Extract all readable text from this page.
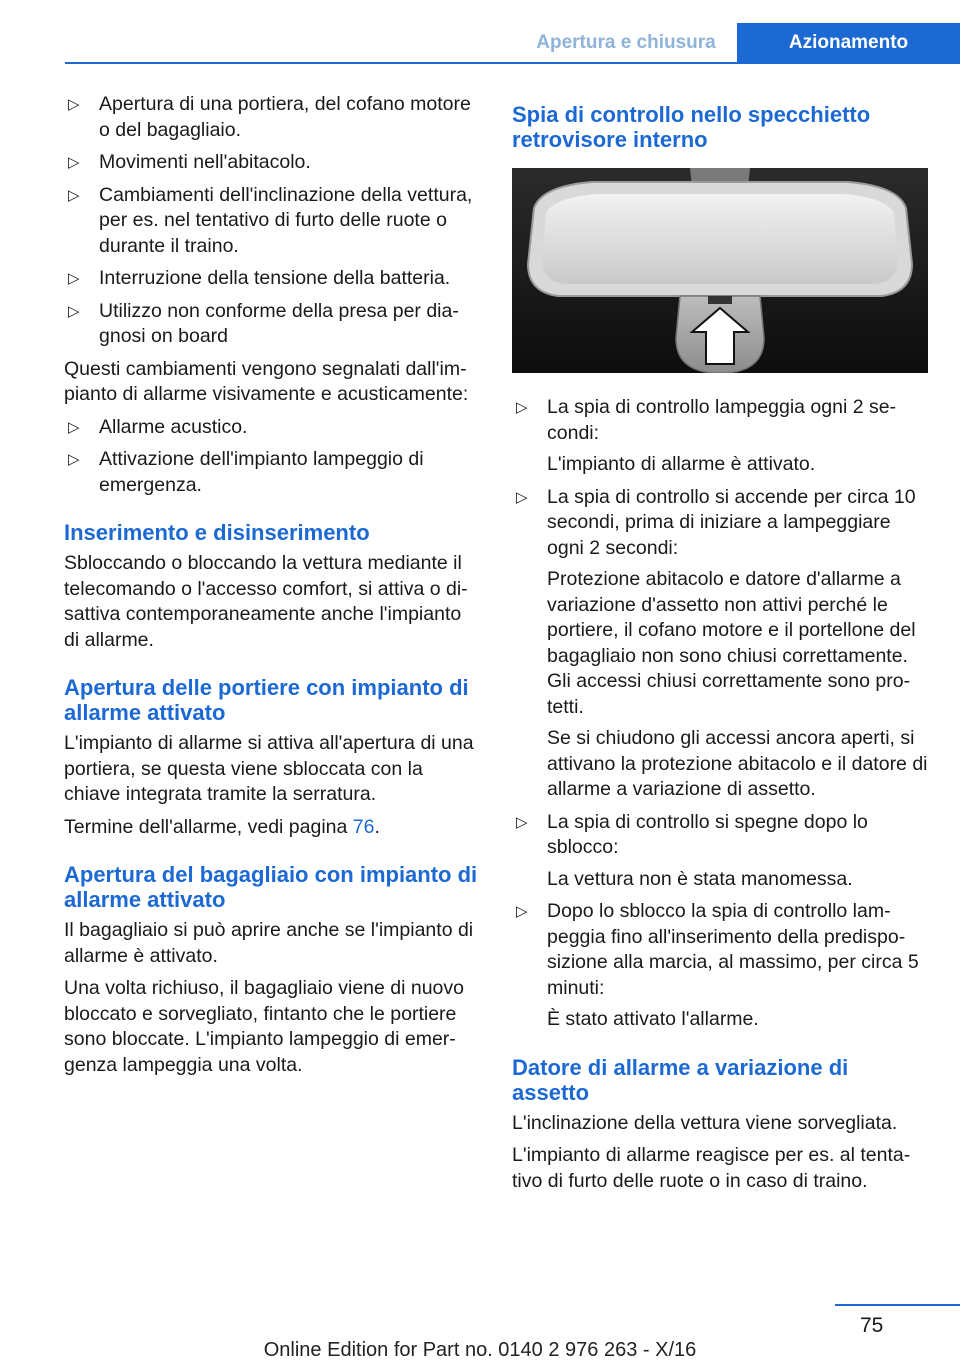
Apertura e chiusura	Azionamento
▷ Apertura di una portiera, del cofano motore o del bagagliaio.
▷ Movimenti nell'abitacolo.
▷ Cambiamenti dell'inclinazione della vettura, per es. nel tentativo di furto delle ruote o durante il traino.
▷ Interruzione della tensione della batteria.
▷ Utilizzo non conforme della presa per dia-gnosi on board

Questi cambiamenti vengono segnalati dall'im-pianto di allarme visivamente e acusticamente:

▷ Allarme acustico.
▷ Attivazione dell'impianto lampeggio di emergenza.
Inserimento e disinserimento

Sbloccando o bloccando la vettura mediante il telecomando o l'accesso comfort, si attiva o di-sattiva contemporaneamente anche l'impianto di allarme.

Apertura delle portiere con impianto di allarme attivato

L'impianto di allarme si attiva all'apertura di una portiera, se questa viene sbloccata con la chiave integrata tramite la serratura.

Termine dell'allarme, vedi pagina 76.

Apertura del bagagliaio con impianto di allarme attivato

Il bagagliaio si può aprire anche se l'impianto di allarme è attivato.

Una volta richiuso, il bagagliaio viene di nuovo bloccato e sorvegliato, fintanto che le portiere sono bloccate. L'impianto lampeggio di emer-genza lampeggia una volta.

Spia di controllo nello specchietto retrovisore interno
▷ La spia di controllo lampeggia ogni 2 se-condi:
L'impianto di allarme è attivato.
▷ La spia di controllo si accende per circa 10 secondi, prima di iniziare a lampeggiare ogni 2 secondi:
Protezione abitacolo e datore d'allarme a variazione d'assetto non attivi perché le portiere, il cofano motore e il portellone del bagagliaio non sono chiusi correttamente. Gli accessi chiusi correttamente sono pro-tetti.
Se si chiudono gli accessi ancora aperti, si attivano la protezione abitacolo e il datore di allarme a variazione di assetto.
▷ La spia di controllo si spegne dopo lo sblocco:
La vettura non è stata manomessa.
▷ Dopo lo sblocco la spia di controllo lam-peggia fino all'inserimento della predispo-sizione alla marcia, al massimo, per circa 5 minuti:
È stato attivato l'allarme.
Datore di allarme a variazione di assetto

L'inclinazione della vettura viene sorvegliata.

L'impianto di allarme reagisce per es. al tenta-tivo di furto delle ruote o in caso di traino.

75
Online Edition for Part no. 0140 2 976 263 - X/16
